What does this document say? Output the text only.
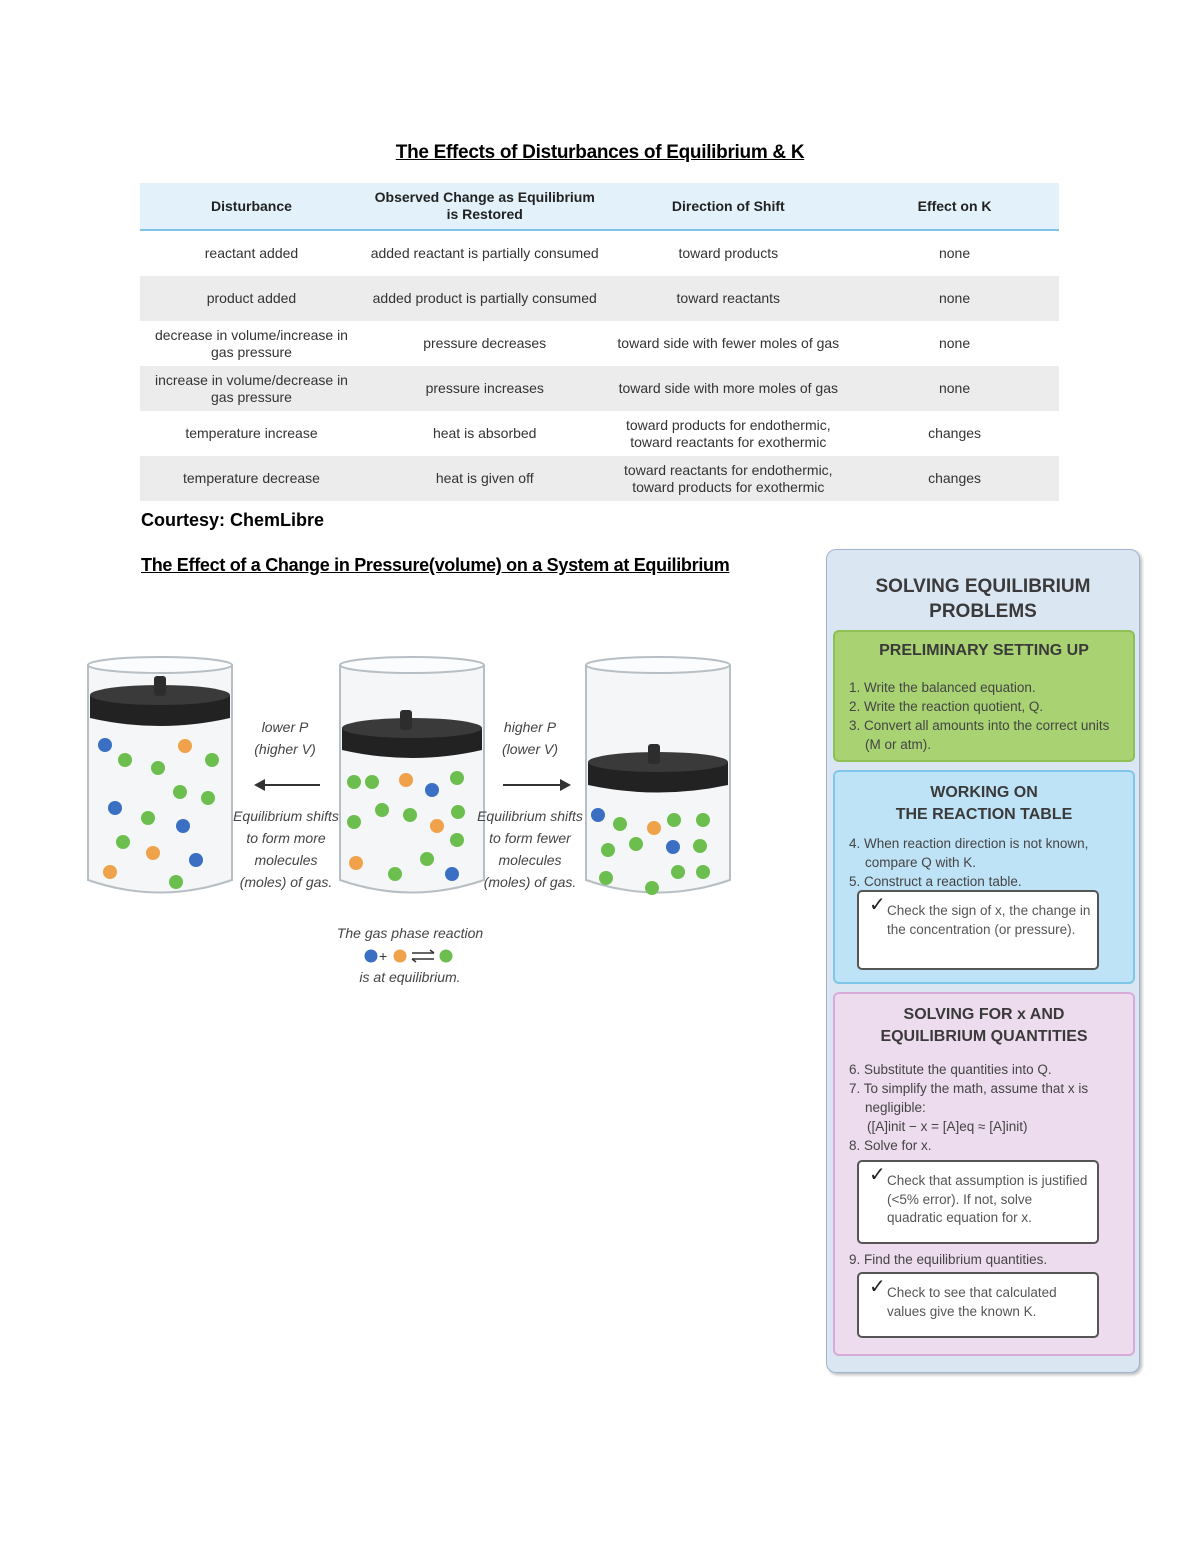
The Effects of Disturbances of Equilibrium & K
Disturbance	Observed Change as Equilibrium is Restored	Direction of Shift	Effect on K
reactant added	added reactant is partially consumed	toward products	none
product added	added product is partially consumed	toward reactants	none
decrease in volume/increase in gas pressure	pressure decreases	toward side with fewer moles of gas	none
increase in volume/decrease in gas pressure	pressure increases	toward side with more moles of gas	none
temperature increase	heat is absorbed	toward products for endothermic, toward reactants for exothermic	changes
temperature decrease	heat is given off	toward reactants for endothermic, toward products for exothermic	changes
Courtesy: ChemLibre
The Effect of a Change in Pressure(volume) on a System at Equilibrium
lower P
(higher V)
Equilibrium shifts
to form more
molecules
(moles) of gas.
higher P
(lower V)
Equilibrium shifts
to form fewer
molecules
(moles) of gas.
The gas phase reaction
+
is at equilibrium.
SOLVING EQUILIBRIUM
PROBLEMS
PRELIMINARY SETTING UP
1. Write the balanced equation.
2. Write the reaction quotient, Q.
3. Convert all amounts into the correct units (M or atm).
WORKING ON
THE REACTION TABLE
4. When reaction direction is not known, compare Q with K.
5. Construct a reaction table.
✓ Check the sign of x, the change in the concentration (or pressure).
SOLVING FOR x AND
EQUILIBRIUM QUANTITIES
6. Substitute the quantities into Q.
7. To simplify the math, assume that x is negligible:
([A]init − x = [A]eq ≈ [A]init)
8. Solve for x.
✓ Check that assumption is justified (<5% error). If not, solve quadratic equation for x.
9. Find the equilibrium quantities.
✓ Check to see that calculated values give the known K.
